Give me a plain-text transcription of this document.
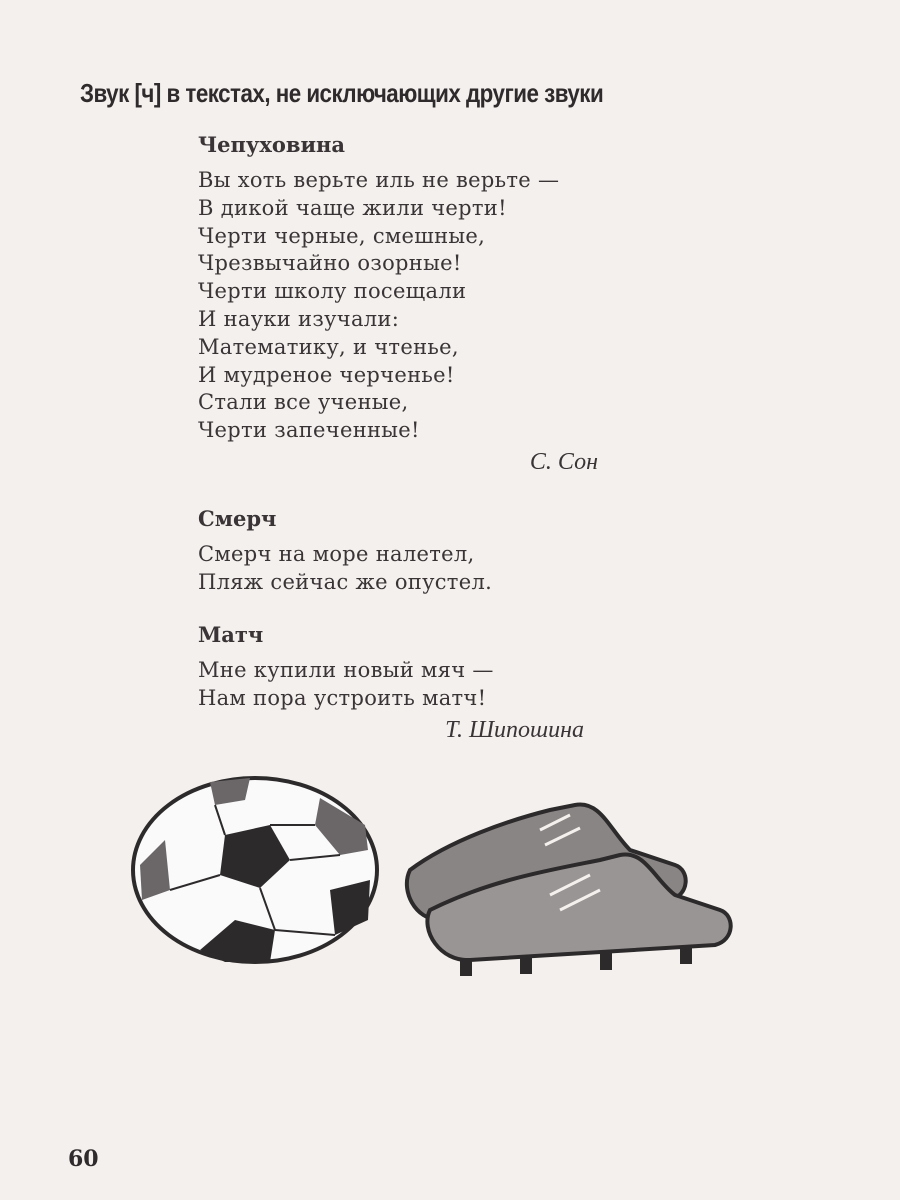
Звук [ч] в текстах, не исключающих другие звуки
Чепуховина
Вы хоть верьте иль не верьте —
В дикой чаще жили черти!
Черти черные, смешные,
Чрезвычайно озорные!
Черти школу посещали
И науки изучали:
Математику, и чтенье,
И мудреное черченье!
Стали все ученые,
Черти запеченные!
С. Сон
Смерч
Смерч на море налетел,
Пляж сейчас же опустел.
Матч
Мне купили новый мяч —
Нам пора устроить матч!
Т. Шипошина
60
